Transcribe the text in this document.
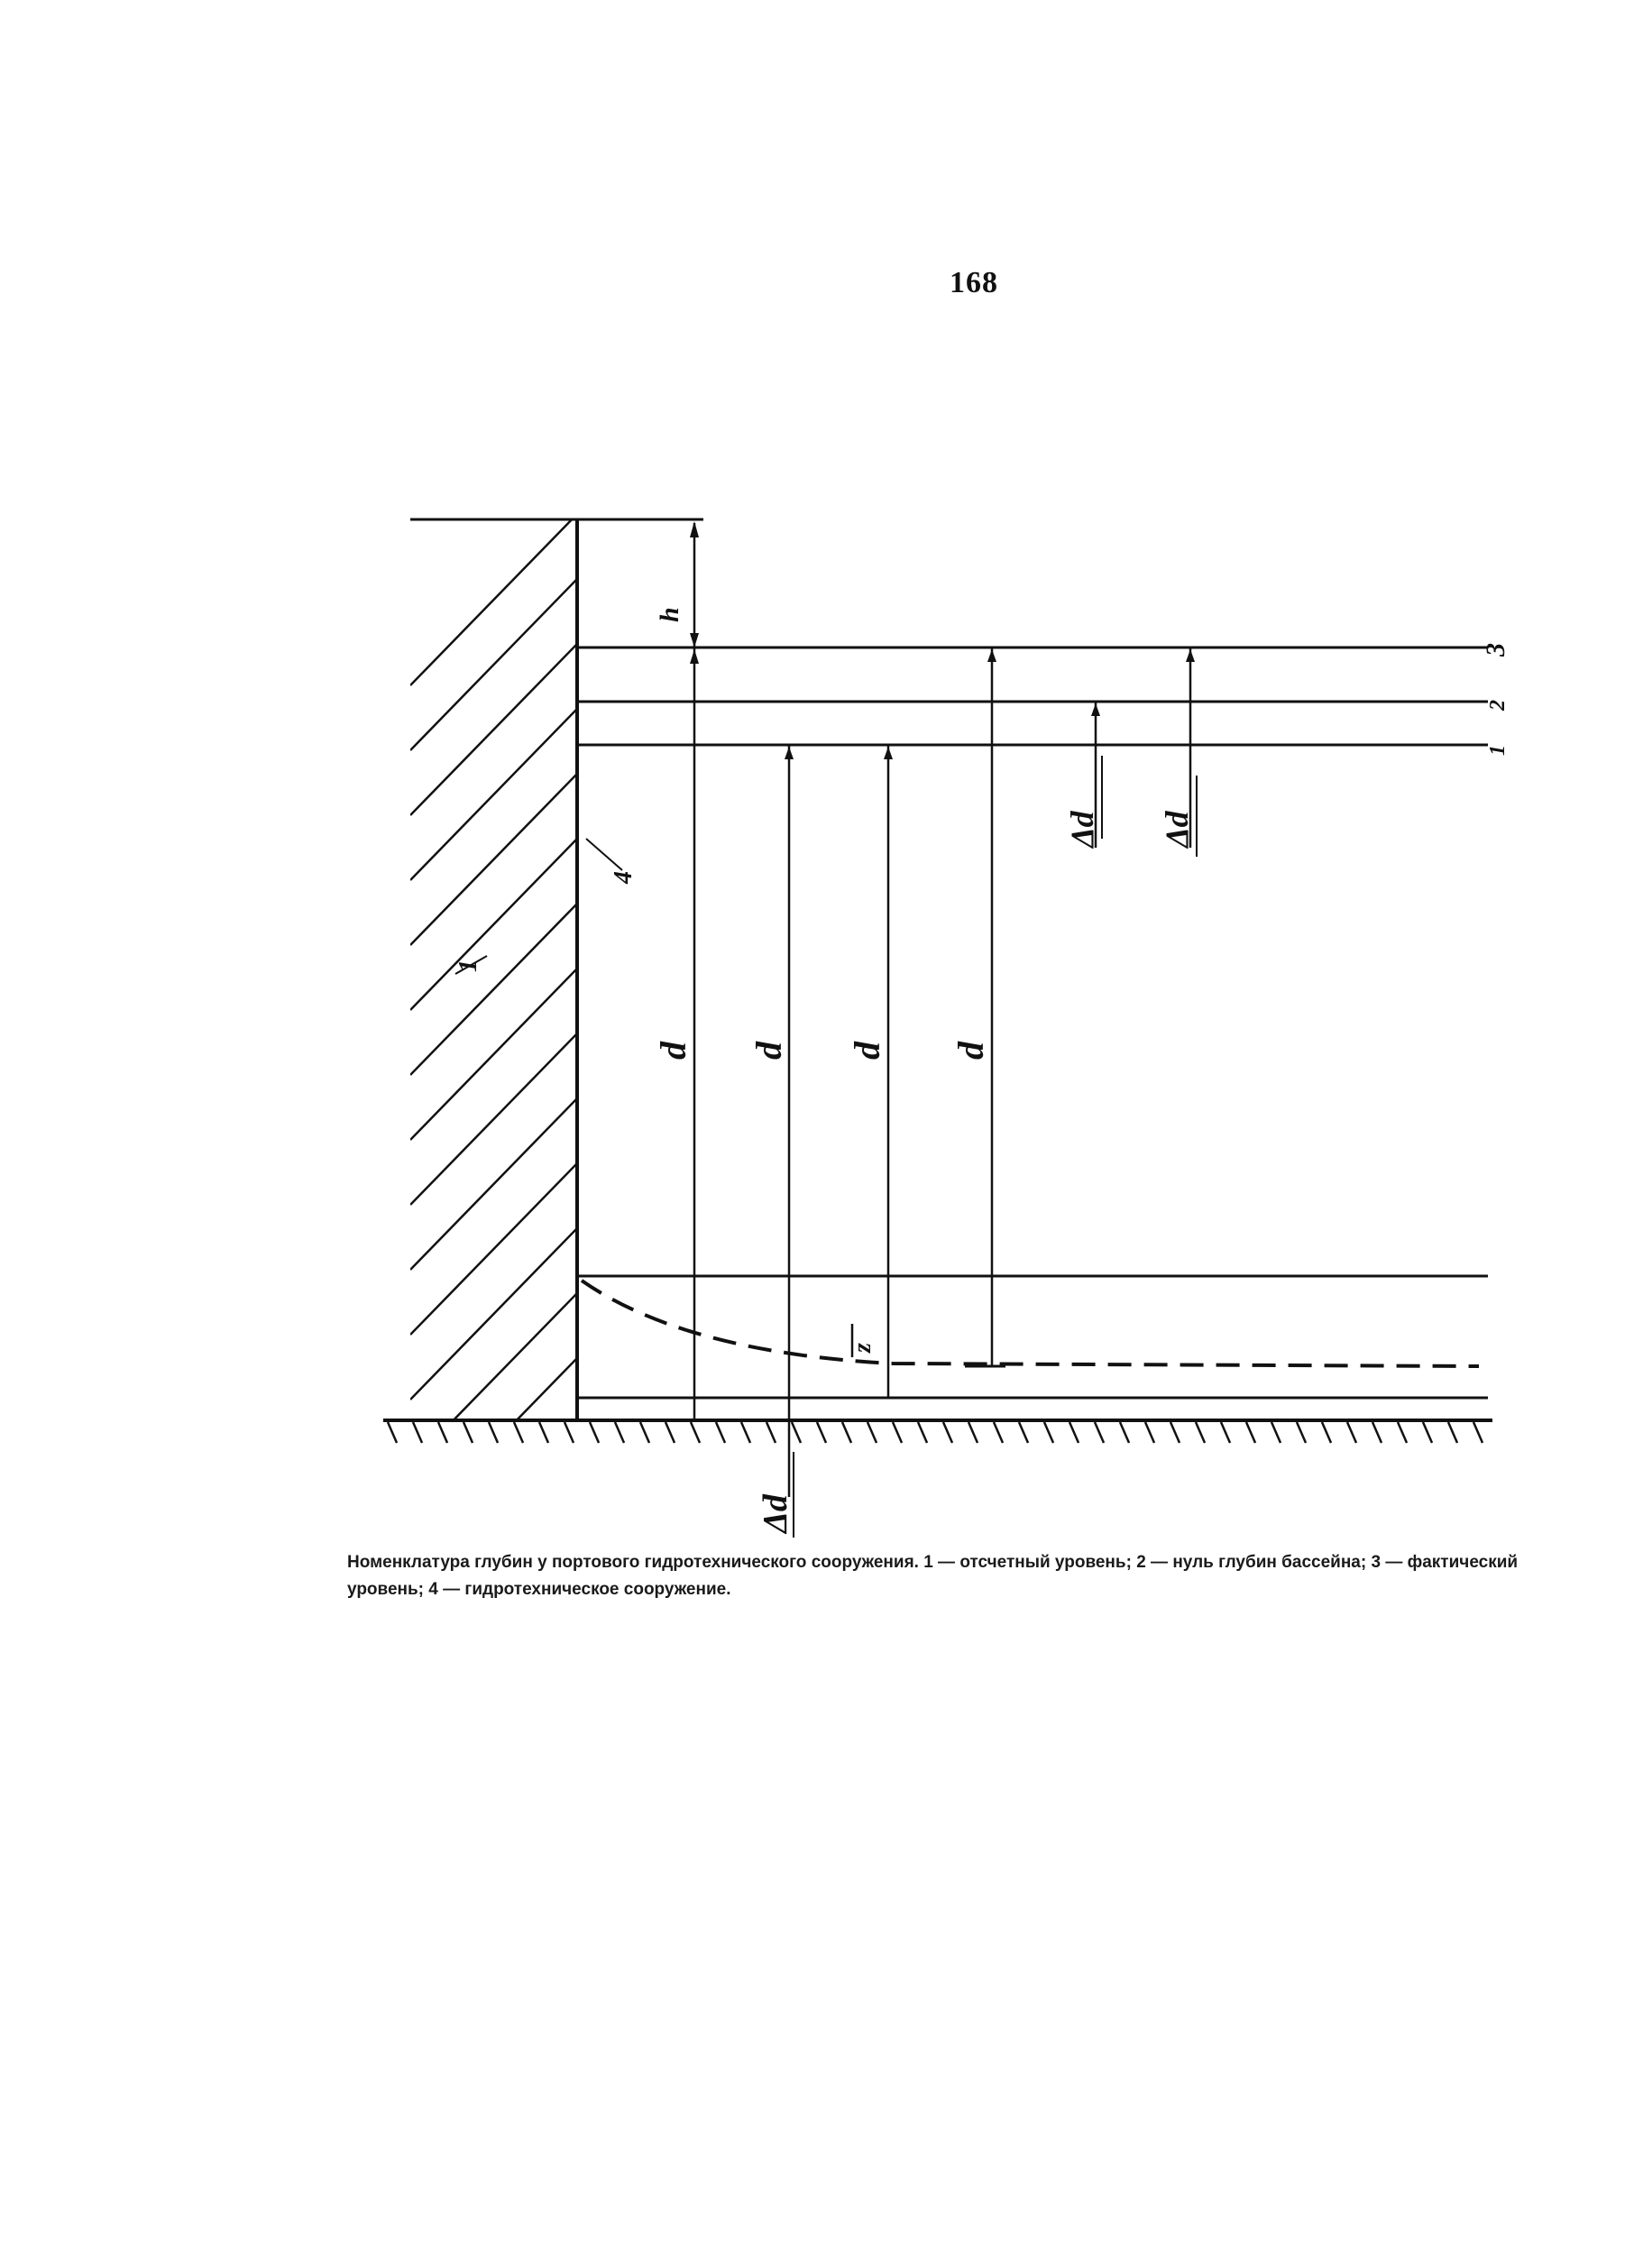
168
h
3
2
1
4
1
d d d d
Δd Δd
Δd
z
Номенклатура глубин у портового гидротехнического сооружения. 1 — отсчетный уровень; 2 — нуль глубин бассейна; 3 — фактический уровень; 4 — гидротехническое сооружение.
